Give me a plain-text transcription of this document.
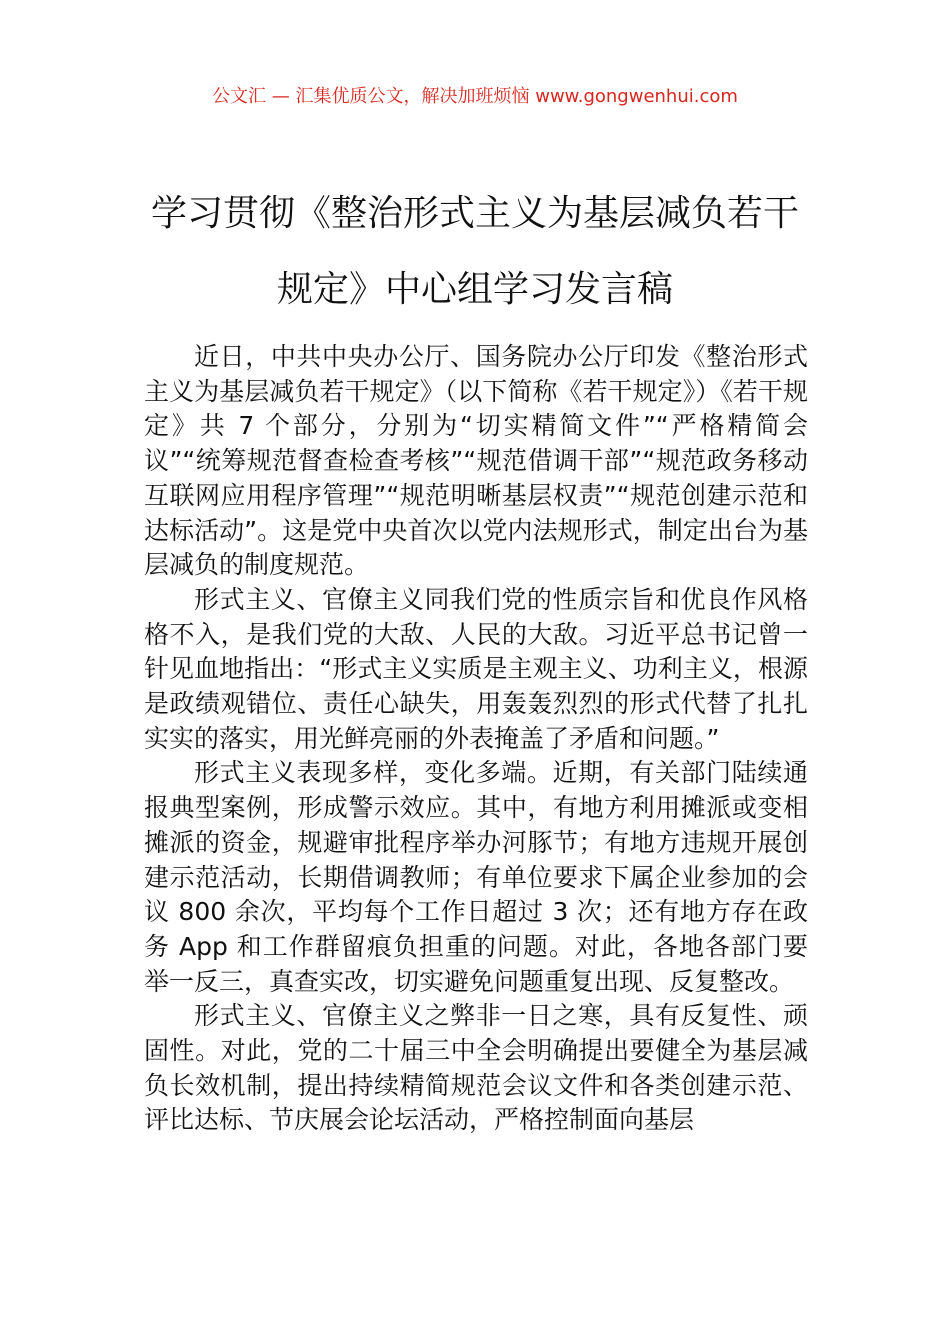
公文汇 — 汇集优质公文，解决加班烦恼 www.gongwenhui.com
学习贯彻《整治形式主义为基层减负若干
规定》中心组学习发言稿

近日，中共中央办公厅、国务院办公厅印发《整治形式主义为基层减负若干规定》（以下简称《若干规定》）《若干规定》共 7 个部分，分别为“切实精简文件”“严格精简会议”“统筹规范督查检查考核”“规范借调干部”“规范政务移动互联网应用程序管理”“规范明晰基层权责”“规范创建示范和达标活动”。这是党中央首次以党内法规形式，制定出台为基层减负的制度规范。

形式主义、官僚主义同我们党的性质宗旨和优良作风格格不入，是我们党的大敌、人民的大敌。习近平总书记曾一针见血地指出：“形式主义实质是主观主义、功利主义，根源是政绩观错位、责任心缺失，用轰轰烈烈的形式代替了扎扎实实的落实，用光鲜亮丽的外表掩盖了矛盾和问题。”

形式主义表现多样，变化多端。近期，有关部门陆续通报典型案例，形成警示效应。其中，有地方利用摊派或变相摊派的资金，规避审批程序举办河豚节；有地方违规开展创建示范活动，长期借调教师；有单位要求下属企业参加的会议 800 余次，平均每个工作日超过 3 次；还有地方存在政务 App 和工作群留痕负担重的问题。对此，各地各部门要举一反三，真查实改，切实避免问题重复出现、反复整改。

形式主义、官僚主义之弊非一日之寒，具有反复性、顽固性。对此，党的二十届三中全会明确提出要健全为基层减负长效机制，提出持续精简规范会议文件和各类创建示范、评比达标、节庆展会论坛活动，严格控制面向基层
